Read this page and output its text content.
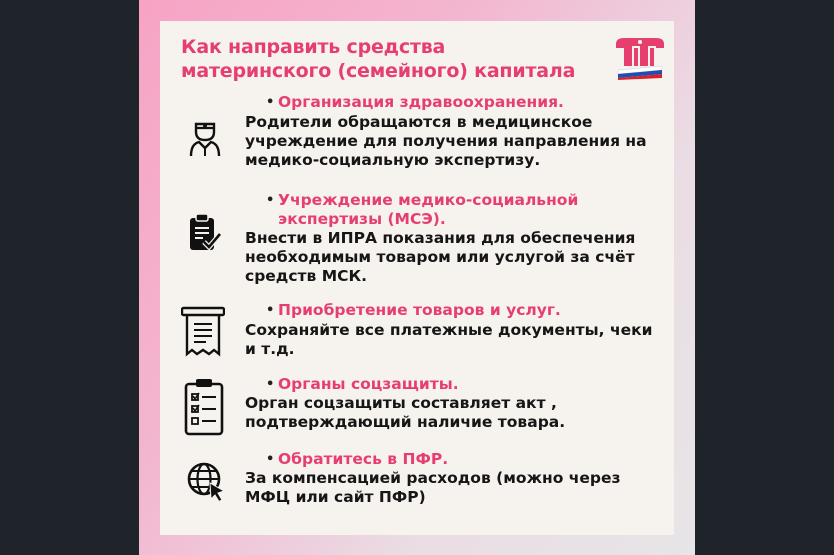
Как направить средства
материнского (семейного) капитала
• Организация здравоохранения.
Родители обращаются в медицинское
учреждение для получения направления на
медико-социальную экспертизу.
• Учреждение медико-социальной
экспертизы (МСЭ).
Внести в ИПРА показания для обеспечения
необходимым товаром или услугой за счёт
средств МСК.
• Приобретение товаров и услуг.
Сохраняйте все платежные документы, чеки
и т.д.
• Органы соцзащиты.
Орган соцзащиты составляет акт ,
подтверждающий наличие товара.
• Обратитесь в ПФР.
За компенсацией расходов (можно через
МФЦ или сайт ПФР)
